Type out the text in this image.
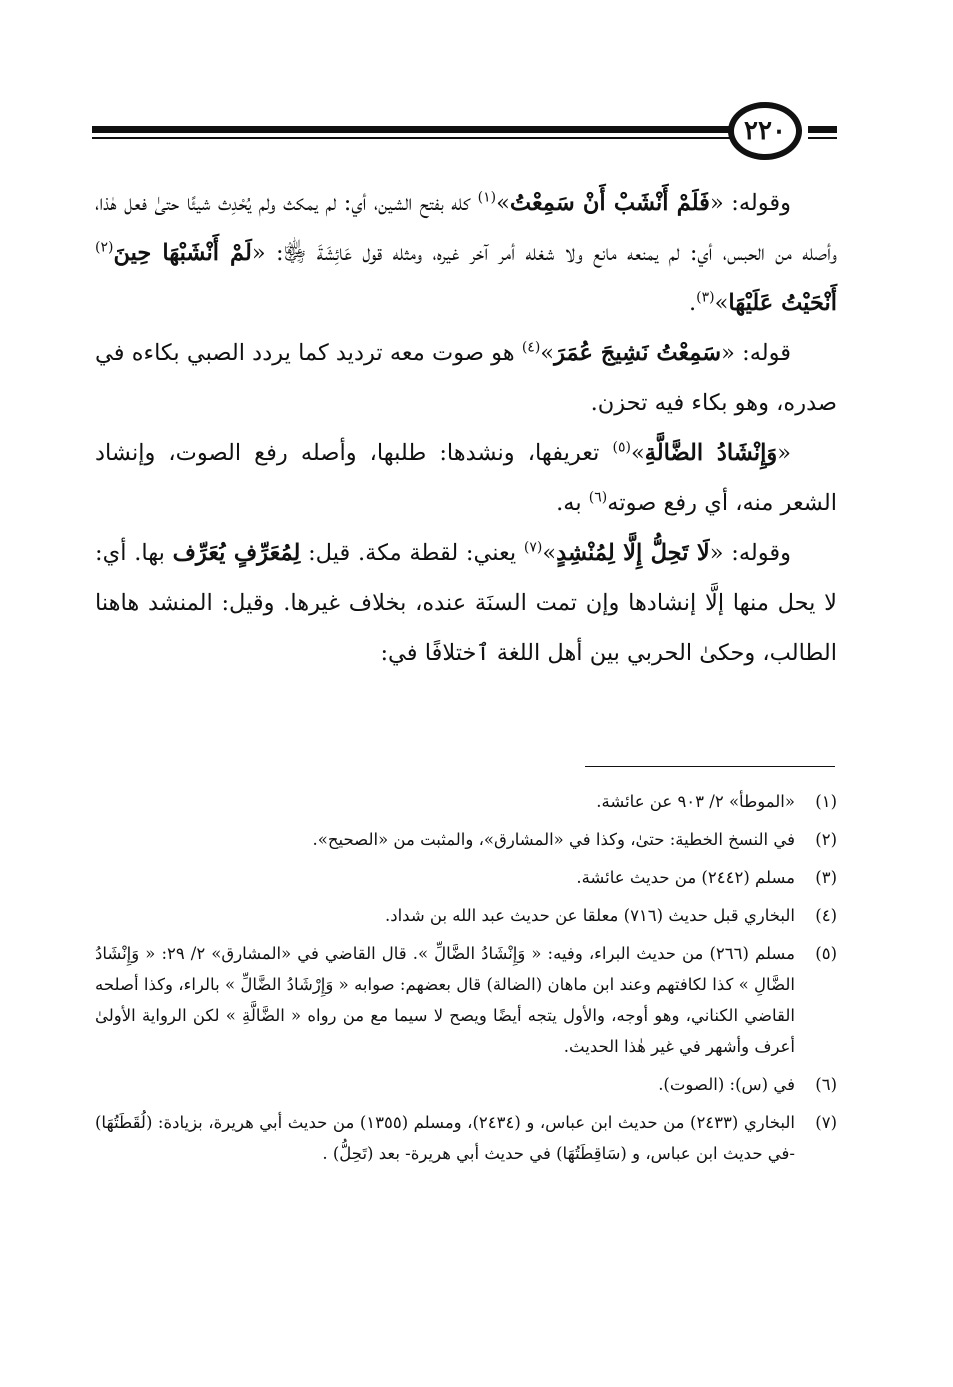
٢٢٠

وقوله: «فَلَمْ أَنْشَبْ أَنْ سَمِعْتُ»$^{(١)}$ كله بفتح الشين، أي: لم يمكث ولم يُحْدِث شيئًا حتىٰ فعل هٰذا، وأصله من الحبس، أي: لم يمنعه مانع ولا شغله أمر آخر غيره، ومثله قول عَائِشَةَ ﵂: «لَمْ أَنْشَبْهَا حِينَ$^{(٢)}$ أَنْحَيْتُ عَلَيْهَا»$^{(٣)}$.

قوله: «سَمِعْتُ نَشِيجَ عُمَرَ»$^{(٤)}$ هو صوت معه ترديد كما يردد الصبي بكاءه في صدره، وهو بكاء فيه تحزن.

«وَإِنْشَادُ الضَّالَّةِ»$^{(٥)}$ تعريفها، ونشدها: طلبها، وأصله رفع الصوت، وإنشاد الشعر منه، أي رفع صوته$^{(٦)}$ به.

وقوله: «لَا تَحِلُّ إِلَّا لِمُنْشِدٍ»$^{(٧)}$ يعني: لقطة مكة. قيل: لِمُعَرِّفٍ يُعَرِّف بها. أي: لا يحل منها إلَّا إنشادها وإن تمت السنَة عنده، بخلاف غيرها. وقيل: المنشد هاهنا الطالب، وحكىٰ الحربي بين أهل اللغة ٱختلافًا في:

(١)
«الموطأ» ٢/ ٩٠٣ عن عائشة.
(٢)
في النسخ الخطية: حتىٰ، وكذا في «المشارق»، والمثبت من «الصحيح».
(٣)
مسلم (٢٤٤٢) من حديث عائشة.
(٤)
البخاري قبل حديث (٧١٦) معلقا عن حديث عبد الله بن شداد.
(٥)
مسلم (٢٦٦) من حديث البراء، وفيه: « وَإِنْشَادُ الضَّالِّ ». قال القاضي في «المشارق» ٢/ ٢٩: « وَإِنْشَادُ الضَّالِ » كذا لكافتهم وعند ابن ماهان (الضالة) قال بعضهم: صوابه « وَإِرْشَادُ الضَّالِّ » بالراء، وكذا أصلحه القاضي الكناني، وهو أوجه، والأول يتجه أيضًا ويصح لا سيما مع من رواه « الضَّالَّةِ » لكن الرواية الأولىٰ أعرف وأشهر في غير هٰذا الحديث.
(٦)
في (س): (الصوت).
(٧)
البخاري (٢٤٣٣) من حديث ابن عباس، و (٢٤٣٤)، ومسلم (١٣٥٥) من حديث أبي هريرة، بزيادة: (لُقَطَتُهَا) -في حديث ابن عباس، و (سَاقِطَتُهَا) في حديث أبي هريرة- بعد (تَحِلُّ) .
